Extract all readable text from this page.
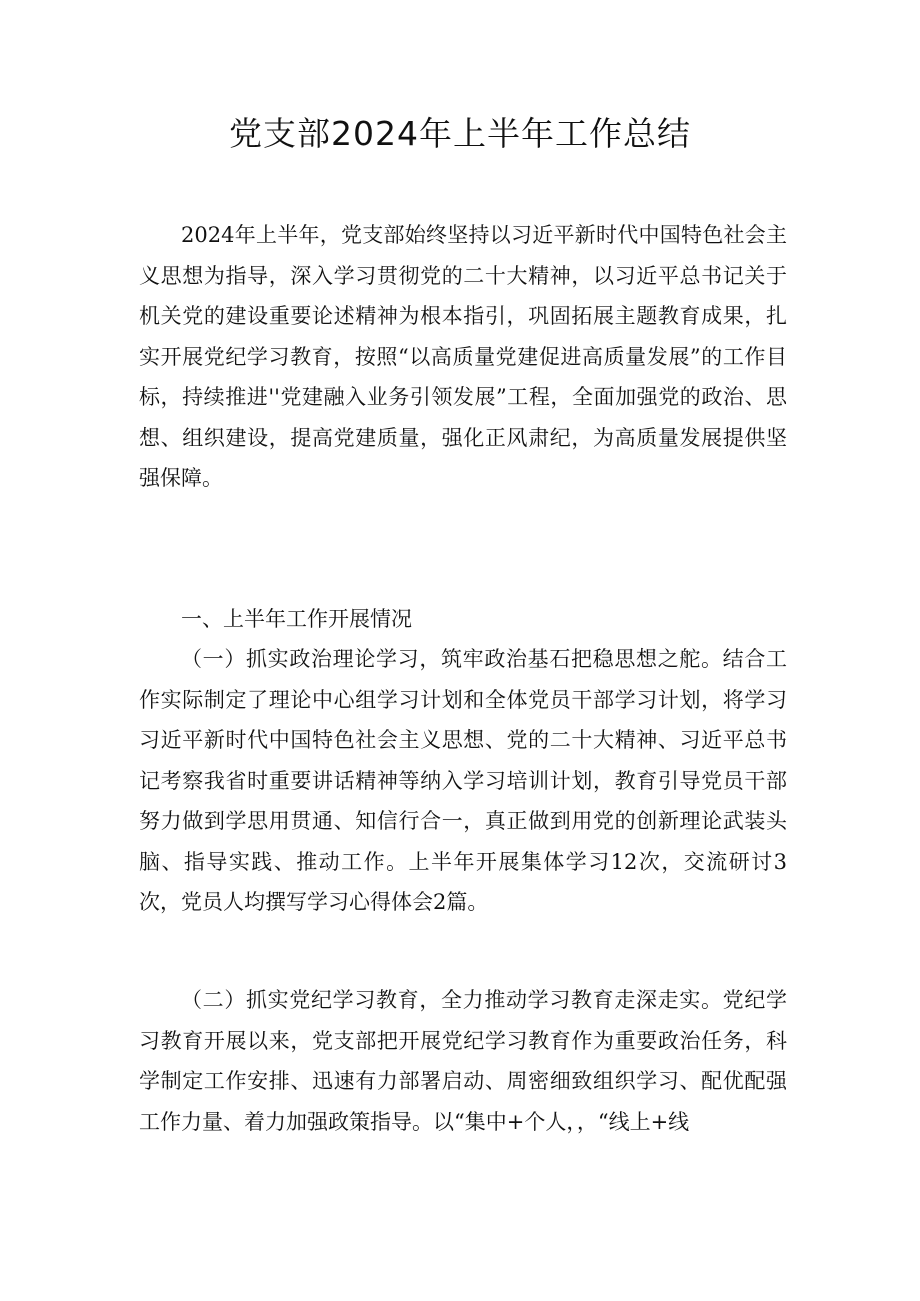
党支部2024年上半年工作总结

2024年上半年，党支部始终坚持以习近平新时代中国特色社会主义思想为指导，深入学习贯彻党的二十大精神，以习近平总书记关于机关党的建设重要论述精神为根本指引，巩固拓展主题教育成果，扎实开展党纪学习教育，按照“以高质量党建促进高质量发展”的工作目标，持续推进''党建融入业务引领发展”工程，全面加强党的政治、思想、组织建设，提高党建质量，强化正风肃纪，为高质量发展提供坚强保障。

一、上半年工作开展情况

（一）抓实政治理论学习，筑牢政治基石把稳思想之舵。结合工作实际制定了理论中心组学习计划和全体党员干部学习计划，将学习习近平新时代中国特色社会主义思想、党的二十大精神、习近平总书记考察我省时重要讲话精神等纳入学习培训计划，教育引导党员干部努力做到学思用贯通、知信行合一，真正做到用党的创新理论武装头脑、指导实践、推动工作。上半年开展集体学习12次，交流研讨3次，党员人均撰写学习心得体会2篇。

（二）抓实党纪学习教育，全力推动学习教育走深走实。党纪学习教育开展以来，党支部把开展党纪学习教育作为重要政治任务，科学制定工作安排、迅速有力部署启动、周密细致组织学习、配优配强工作力量、着力加强政策指导。以“集中+个人，，“线上+线
